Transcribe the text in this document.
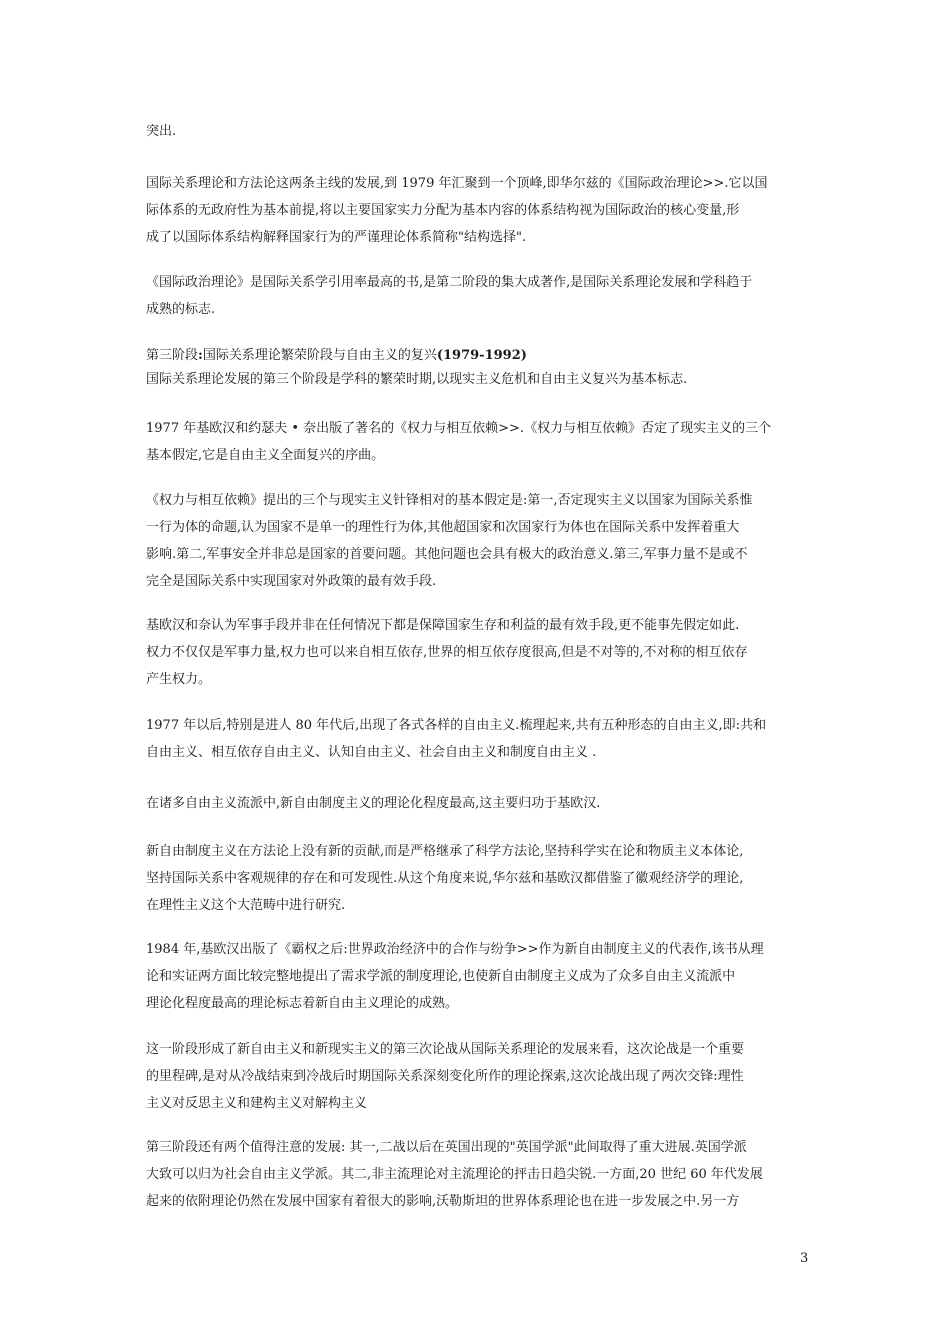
突出.

国际关系理论和方法论这两条主线的发展,到 1979 年汇聚到一个顶峰,即华尔兹的《国际政治理论>>.它以国
际体系的无政府性为基本前提,将以主要国家实力分配为基本内容的体系结构视为国际政治的核心变量,形
成了以国际体系结构解释国家行为的严谨理论体系简称"结构选择".

《国际政治理论》是国际关系学引用率最高的书,是第二阶段的集大成著作,是国际关系理论发展和学科趋于
成熟的标志.

第三阶段:国际关系理论繁荣阶段与自由主义的复兴(1979-1992)
国际关系理论发展的第三个阶段是学科的繁荣时期,以现实主义危机和自由主义复兴为基本标志.

1977 年基欧汉和约瑟夫 • 奈出版了著名的《权力与相互依赖>>.《权力与相互依赖》否定了现实主义的三个
基本假定,它是自由主义全面复兴的序曲。

《权力与相互依赖》提出的三个与现实主义针锋相对的基本假定是:第一,否定现实主义以国家为国际关系惟
一行为体的命题,认为国家不是单一的理性行为体,其他超国家和次国家行为体也在国际关系中发挥着重大
影响.第二,军事安全并非总是国家的首要问题。其他问题也会具有极大的政治意义.第三,军事力量不是或不
完全是国际关系中实现国家对外政策的最有效手段.

基欧汉和奈认为军事手段并非在任何情况下都是保障国家生存和利益的最有效手段,更不能事先假定如此.
权力不仅仅是军事力量,权力也可以来自相互依存,世界的相互依存度很高,但是不对等的,不对称的相互依存
产生权力。

1977 年以后,特别是进人 80 年代后,出现了各式各样的自由主义.梳理起来,共有五种形态的自由主义,即:共和
自由主义、相互依存自由主义、认知自由主义、社会自由主义和制度自由主义 .

在诸多自由主义流派中,新自由制度主义的理论化程度最高,这主要归功于基欧汉.

新自由制度主义在方法论上没有新的贡献,而是严格继承了科学方法论,坚持科学实在论和物质主义本体论,
坚持国际关系中客观规律的存在和可发现性.从这个角度来说,华尔兹和基欧汉都借鉴了徽观经济学的理论,
在理性主义这个大范畴中进行研究.

1984 年,基欧汉出版了《霸权之后:世界政治经济中的合作与纷争>>作为新自由制度主义的代表作,该书从理
论和实证两方面比较完整地提出了需求学派的制度理论,也使新自由制度主义成为了众多自由主义流派中
理论化程度最高的理论标志着新自由主义理论的成熟。

这一阶段形成了新自由主义和新现实主义的第三次论战从国际关系理论的发展来看，这次论战是一个重要
的里程碑,是对从冷战结束到冷战后时期国际关系深刻变化所作的理论探索,这次论战出现了两次交锋:理性
主义对反思主义和建构主义对解构主义

第三阶段还有两个值得注意的发展: 其一,二战以后在英国出现的"英国学派"此间取得了重大进展.英国学派
大致可以归为社会自由主义学派。其二,非主流理论对主流理论的抨击日趋尖锐.一方面,20 世纪 60 年代发展
起来的依附理论仍然在发展中国家有着很大的影响,沃勒斯坦的世界体系理论也在进一步发展之中.另一方

3
